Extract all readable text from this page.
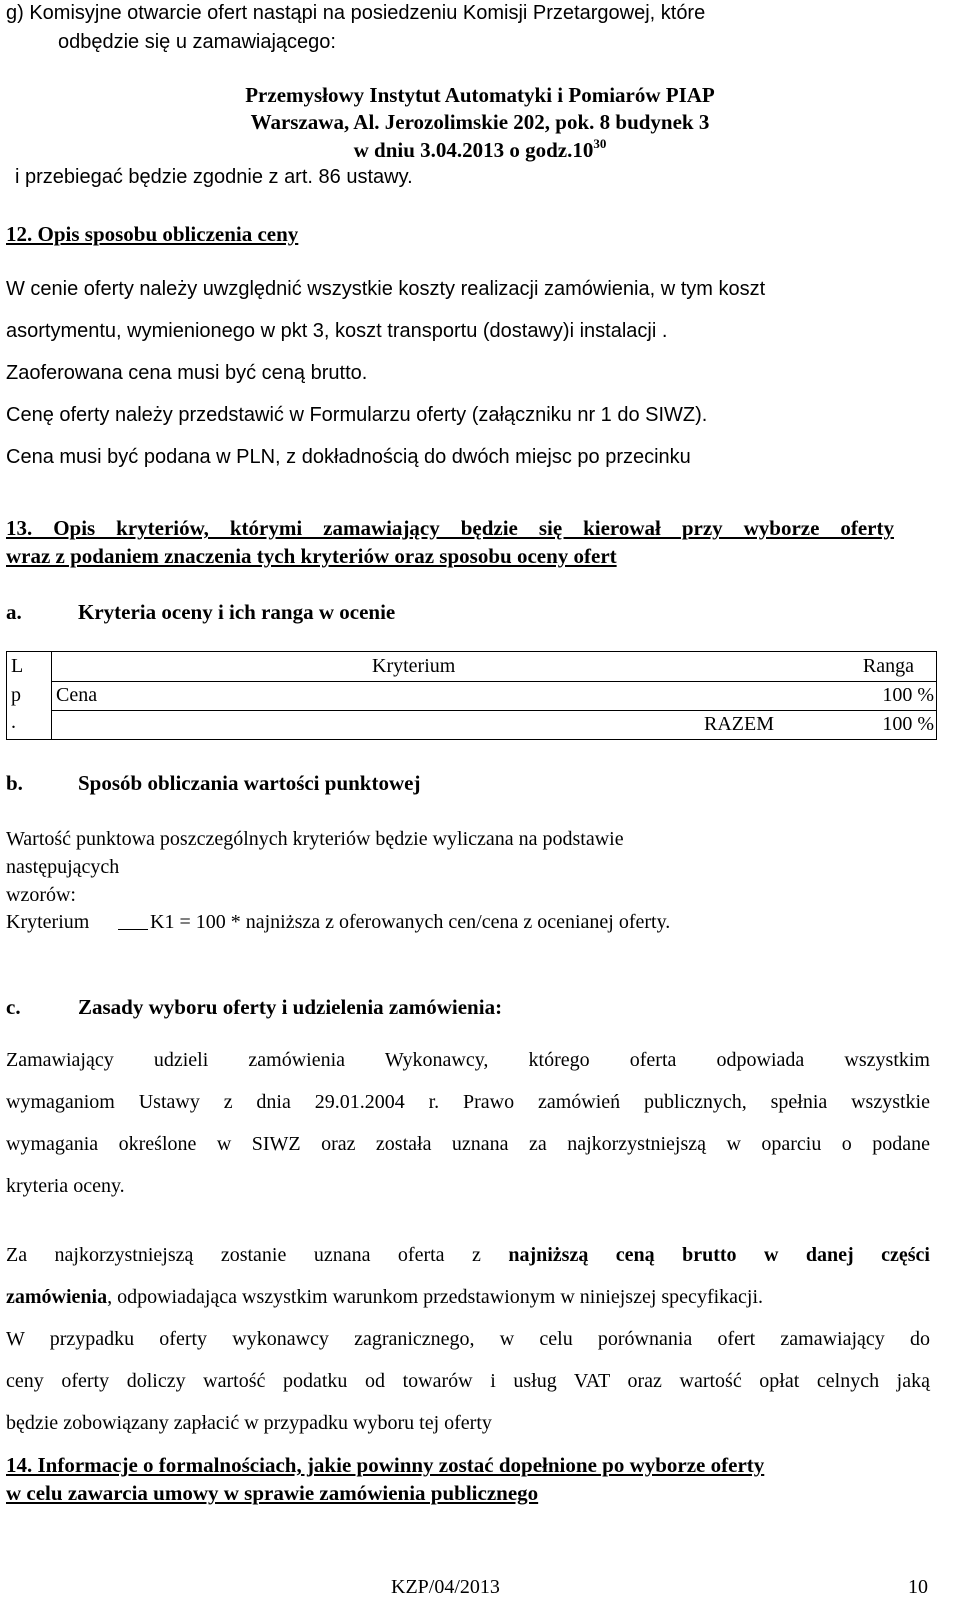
g) Komisyjne otwarcie ofert nastąpi na posiedzeniu Komisji Przetargowej, które
odbędzie się u zamawiającego:
Przemysłowy Instytut Automatyki i Pomiarów PIAP
Warszawa, Al. Jerozolimskie 202, pok. 8 budynek 3
w dniu 3.04.2013 o $godz.10^{30}$
i przebiegać będzie zgodnie z art. 86 ustawy.
12. Opis sposobu obliczenia ceny
W cenie oferty należy uwzględnić wszystkie koszty realizacji zamówienia, w tym koszt
asortymentu, wymienionego w pkt 3, koszt transportu (dostawy)i instalacji .
Zaoferowana cena musi być ceną brutto.
Cenę oferty należy przedstawić w Formularzu oferty (załączniku nr 1 do SIWZ).
Cena musi być podana w PLN, z dokładnością do dwóch miejsc po przecinku
13. Opis kryteriów, którymi zamawiający będzie się kierował przy wyborze oferty
wraz z podaniem znaczenia tych kryteriów oraz sposobu oceny ofert
a.	Kryteria oceny i ich ranga w ocenie
L
p
.
Kryterium	Ranga
Cena	100 %
RAZEM	100 %
b.	Sposób obliczania wartości punktowej
Wartość punktowa poszczególnych kryteriów będzie wyliczana na podstawie
następujących
wzorów:
Kryterium	K1 = 100 * najniższa z oferowanych cen/cena z ocenianej oferty.
c.	Zasady wyboru oferty i udzielenia zamówienia:
Zamawiający udzieli zamówienia Wykonawcy, którego oferta odpowiada wszystkim
wymaganiom Ustawy z dnia 29.01.2004 r. Prawo zamówień publicznych, spełnia wszystkie
wymagania określone w SIWZ oraz została uznana za najkorzystniejszą w oparciu o podane
kryteria oceny.
Za najkorzystniejszą zostanie uznana oferta z najniższą ceną brutto w danej części
zamówienia, odpowiadająca wszystkim warunkom przedstawionym w niniejszej specyfikacji.
W przypadku oferty wykonawcy zagranicznego, w celu porównania ofert zamawiający do
ceny oferty doliczy wartość podatku od towarów i usług VAT oraz wartość opłat celnych jaką
będzie zobowiązany zapłacić w przypadku wyboru tej oferty
14. Informacje o formalnościach, jakie powinny zostać dopełnione po wyborze oferty
w celu zawarcia umowy w sprawie zamówienia publicznego
KZP/04/2013	10
